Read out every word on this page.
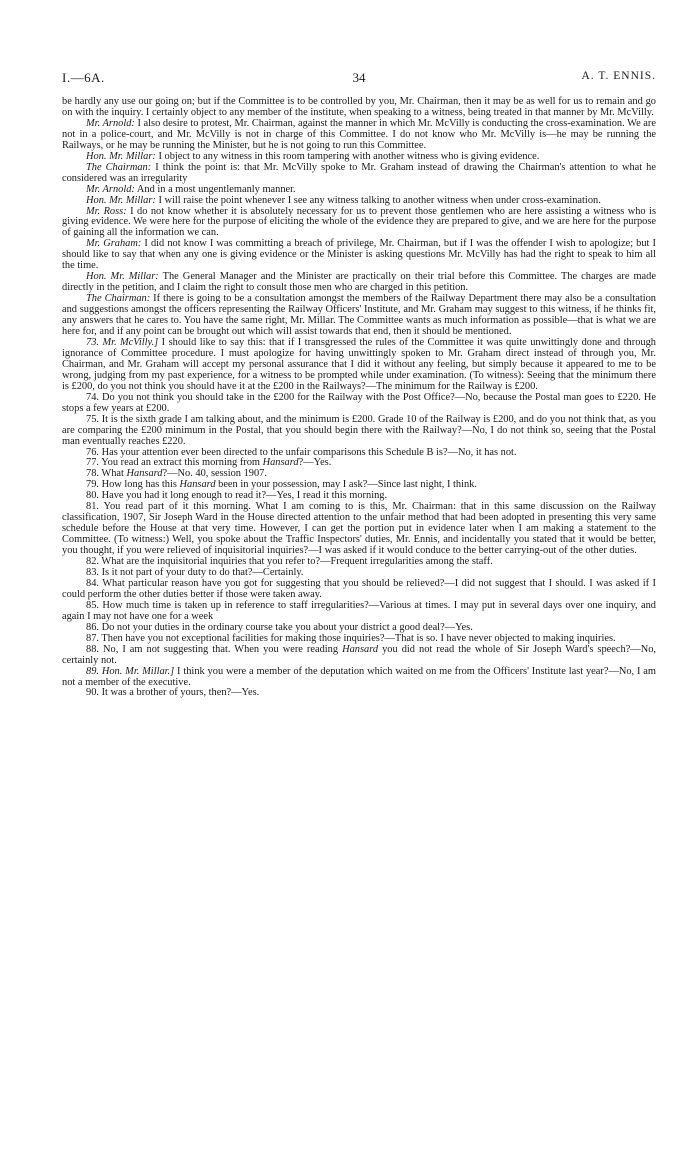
I.—6A.	34	A. T. ENNIS.

be hardly any use our going on; but if the Committee is to be controlled by you, Mr. Chairman, then it may be as well for us to remain and go on with the inquiry. I certainly object to any member of the institute, when speaking to a witness, being treated in that manner by Mr. McVilly.

Mr. Arnold: I also desire to protest, Mr. Chairman, against the manner in which Mr. McVilly is conducting the cross-examination. We are not in a police-court, and Mr. McVilly is not in charge of this Committee. I do not know who Mr. McVilly is—he may be running the Railways, or he may be running the Minister, but he is not going to run this Committee.

Hon. Mr. Millar: I object to any witness in this room tampering with another witness who is giving evidence.

The Chairman: I think the point is: that Mr. McVilly spoke to Mr. Graham instead of drawing the Chairman's attention to what he considered was an irregularity

Mr. Arnold: And in a most ungentlemanly manner.

Hon. Mr. Millar: I will raise the point whenever I see any witness talking to another witness when under cross-examination.

Mr. Ross: I do not know whether it is absolutely necessary for us to prevent those gentlemen who are here assisting a witness who is giving evidence. We were here for the purpose of eliciting the whole of the evidence they are prepared to give, and we are here for the purpose of gaining all the information we can.

Mr. Graham: I did not know I was committing a breach of privilege, Mr. Chairman, but if I was the offender I wish to apologize; but I should like to say that when any one is giving evidence or the Minister is asking questions Mr. McVilly has had the right to speak to him all the time.

Hon. Mr. Millar: The General Manager and the Minister are practically on their trial before this Committee. The charges are made directly in the petition, and I claim the right to consult those men who are charged in this petition.

The Chairman: If there is going to be a consultation amongst the members of the Railway Department there may also be a consultation and suggestions amongst the officers representing the Railway Officers' Institute, and Mr. Graham may suggest to this witness, if he thinks fit, any answers that he cares to. You have the same right, Mr. Millar. The Committee wants as much information as possible—that is what we are here for, and if any point can be brought out which will assist towards that end, then it should be mentioned.

73. Mr. McVilly.] I should like to say this: that if I transgressed the rules of the Committee it was quite unwittingly done and through ignorance of Committee procedure. I must apologize for having unwittingly spoken to Mr. Graham direct instead of through you, Mr. Chairman, and Mr. Graham will accept my personal assurance that I did it without any feeling, but simply because it appeared to me to be wrong, judging from my past experience, for a witness to be prompted while under examination. (To witness): Seeing that the minimum there is £200, do you not think you should have it at the £200 in the Railways?—The minimum for the Railway is £200.

74. Do you not think you should take in the £200 for the Railway with the Post Office?—No, because the Postal man goes to £220. He stops a few years at £200.

75. It is the sixth grade I am talking about, and the minimum is £200. Grade 10 of the Railway is £200, and do you not think that, as you are comparing the £200 minimum in the Postal, that you should begin there with the Railway?—No, I do not think so, seeing that the Postal man eventually reaches £220.

76. Has your attention ever been directed to the unfair comparisons this Schedule B is?—No, it has not.

77. You read an extract this morning from Hansard?—Yes.

78. What Hansard?—No. 40, session 1907.

79. How long has this Hansard been in your possession, may I ask?—Since last night, I think.

80. Have you had it long enough to read it?—Yes, I read it this morning.

81. You read part of it this morning. What I am coming to is this, Mr. Chairman: that in this same discussion on the Railway classification, 1907, Sir Joseph Ward in the House directed attention to the unfair method that had been adopted in presenting this very same schedule before the House at that very time. However, I can get the portion put in evidence later when I am making a statement to the Committee. (To witness:) Well, you spoke about the Traffic Inspectors' duties, Mr. Ennis, and incidentally you stated that it would be better, you thought, if you were relieved of inquisitorial inquiries?—I was asked if it would conduce to the better carrying-out of the other duties.

82. What are the inquisitorial inquiries that you refer to?—Frequent irregularities among the staff.

83. Is it not part of your duty to do that?—Certainly.

84. What particular reason have you got for suggesting that you should be relieved?—I did not suggest that I should. I was asked if I could perform the other duties better if those were taken away.

85. How much time is taken up in reference to staff irregularities?—Various at times. I may put in several days over one inquiry, and again I may not have one for a week

86. Do not your duties in the ordinary course take you about your district a good deal?—Yes.

87. Then have you not exceptional facilities for making those inquiries?—That is so. I have never objected to making inquiries.

88. No, I am not suggesting that. When you were reading Hansard you did not read the whole of Sir Joseph Ward's speech?—No, certainly not.

89. Hon. Mr. Millar.] I think you were a member of the deputation which waited on me from the Officers' Institute last year?—No, I am not a member of the executive.

90. It was a brother of yours, then?—Yes.
